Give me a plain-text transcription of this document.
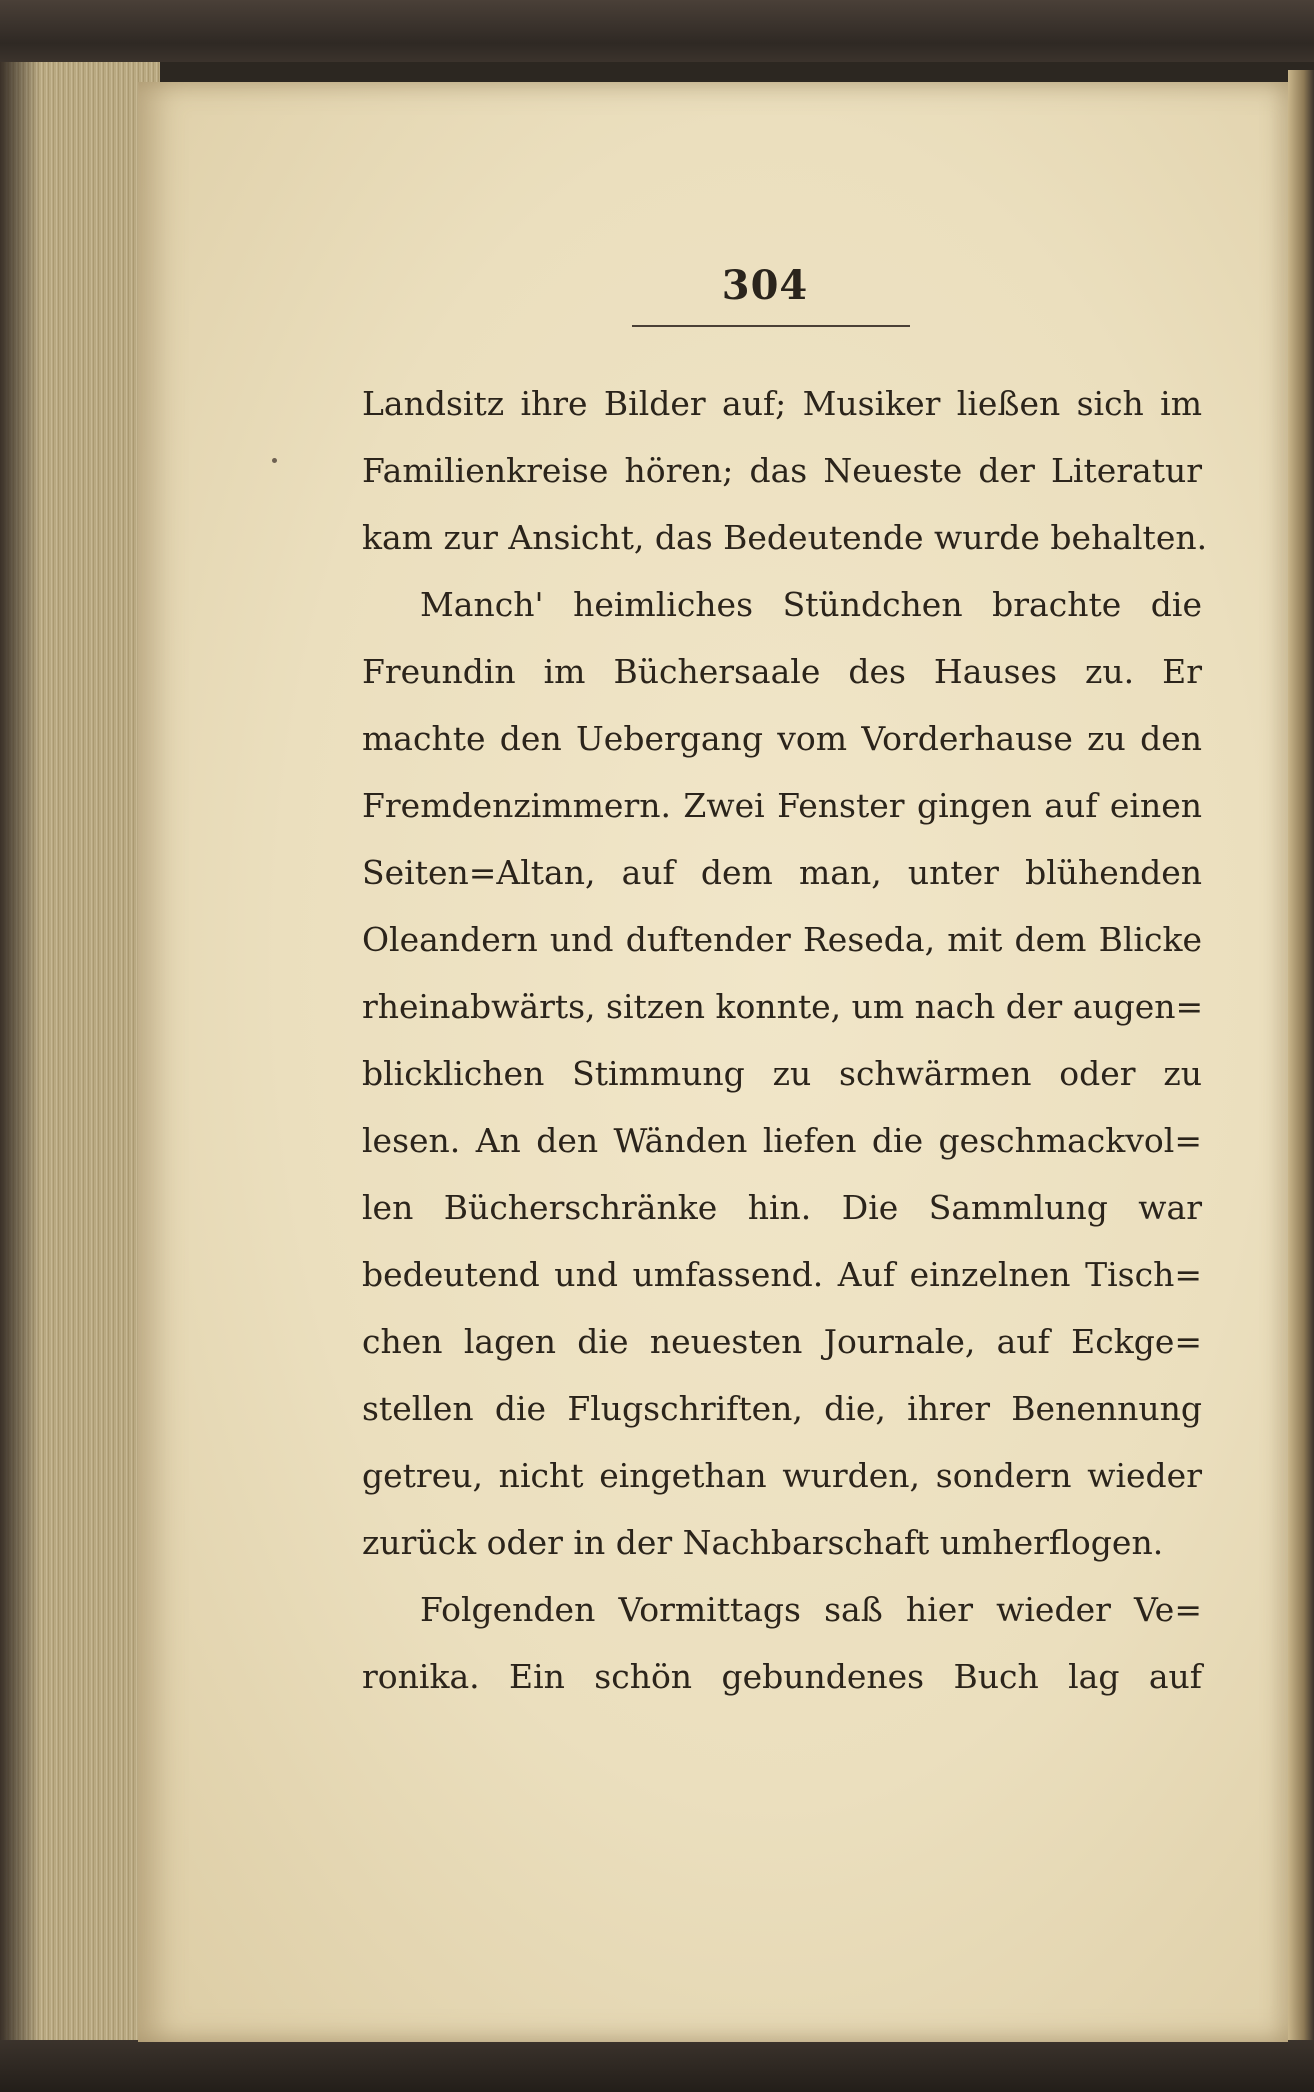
304
Landsitz ihre Bilder auf; Musiker ließen sich im
Familienkreise hören; das Neueste der Literatur
kam zur Ansicht, das Bedeutende wurde behalten.
Manch' heimliches Stündchen brachte die
Freundin im Büchersaale des Hauses zu. Er
machte den Uebergang vom Vorderhause zu den
Fremdenzimmern. Zwei Fenster gingen auf einen
Seiten=Altan, auf dem man, unter blühenden
Oleandern und duftender Reseda, mit dem Blicke
rheinabwärts, sitzen konnte, um nach der augen=
blicklichen Stimmung zu schwärmen oder zu
lesen. An den Wänden liefen die geschmackvol=
len Bücherschränke hin. Die Sammlung war
bedeutend und umfassend. Auf einzelnen Tisch=
chen lagen die neuesten Journale, auf Eckge=
stellen die Flugschriften, die, ihrer Benennung
getreu, nicht eingethan wurden, sondern wieder
zurück oder in der Nachbarschaft umherflogen.
Folgenden Vormittags saß hier wieder Ve=
ronika. Ein schön gebundenes Buch lag auf
